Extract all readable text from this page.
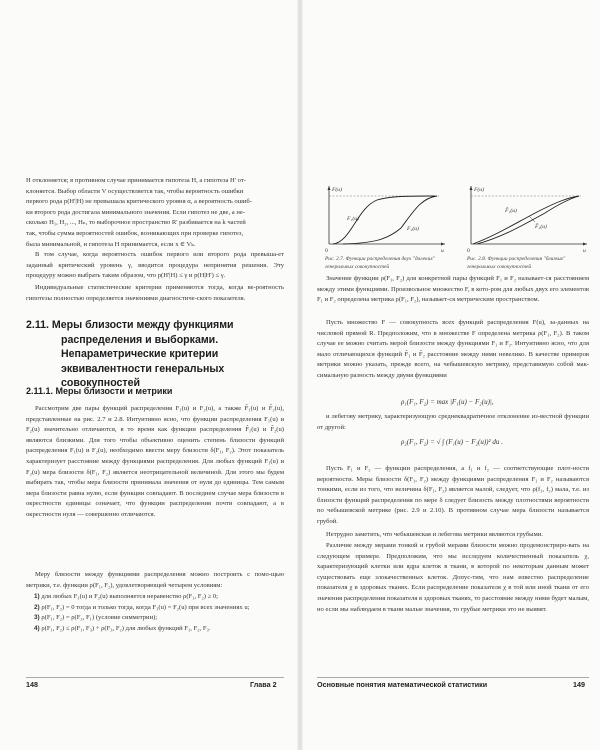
H отклоняется; в противном случае принимается гипотеза H, а гипотеза H' от-
клоняется. Выбор области V осуществляется так, чтобы вероятность ошибки
первого рода p(H'|H) не превышала критического уровня α, а вероятность ошиб-
ки второго рода достигала минимального значения. Если гипотез не две, а не-
сколько H₁, H₂, ..., Hₙ, то выборочное пространство R' разбивается на k частей
так, чтобы сумма вероятностей ошибок, возникающих при проверке гипотез,
была минимальной, и гипотеза H принимается, если x ∈ Vₖ.

В том случае, когда вероятность ошибок первого или второго рода превыша-ет заданный критический уровень γ, вводится процедура непринятия решения. Эту процедуру можно выбрать таким образом, что p(H'|H) ≤ γ и p(H|H') ≤ γ.

Индивидуальные статистические критерии применяются тогда, когда ве-роятность гипотезы полностью определяется значениями диагностиче-ского показателя.

2.11. Меры близости между функциями
распределения и выборками.
Непараметрические критерии
эквивалентности генеральных совокупностей

2.11.1. Меры близости и метрики

Рассмотрим две пары функций распределения F₁(u) и F₂(u), а также F̃₁(u) и F̃₂(u), представленные на рис. 2.7 и 2.8. Интуитивно ясно, что функции распределения F₁(u) и F₂(u) значительно отличаются, в то время как функции распределения F̃₁(u) и F̃₂(u) являются близкими. Для того чтобы объективно оценить степень близости функций распределения F₁(u) и F₂(u), необходимо ввести меру близости δ(F₁, F₂). Этот показатель характеризует расстояние между функциями распределения. Для любых функций F₁(u) и F₂(u) мера близости δ(F₁, F₂) является неотрицательной величиной. Для этого мы будем выбирать так, чтобы мера близости принимала значения от нуля до единицы. Тем самым мера близости равна нулю, если функции совпадают. В последнем случае мера близости в окрестности единицы означает, что функции распределения почти совпадают, а в окрестности нуля — совершенно отличаются.

Меру близости между функциями распределения можно построить с помо-щью метрики, т.е. функции ρ(F₁, F₂), удовлетворяющей четырем условиям:

1) для любых F₁(u) и F₂(u) выполняется неравенство ρ(F₁, F₂) ≥ 0;
2) ρ(F₁, F₂) = 0 тогда и только тогда, когда F₁(u) = F₂(u) при всех значениях u;
3) ρ(F₁, F₂) = ρ(F₂, F₁) (условие симметрии);
4) ρ(F₁, F₂) ≤ ρ(F₁, F₃) + ρ(F₃, F₂) для любых функций F₁, F₂, F₃.
148	Глава 2
F(u)
F₁(u)
F₂(u)
u
0

Рис. 2.7. Функции распределения двух "далеких" генеральных совокупностей

F(u)
F̃₁(u)
F̃₂(u)
u
0

Рис. 2.8. Функции распределения "близких" генеральных совокупностей

Значение функции ρ(F₁, F₂) для конкретной пары функций F₁ и F₂ называет-ся расстоянием между этими функциями. Произвольное множество F, в кото-ром для любых двух его элементов F₁ и F₂ определена метрика ρ(F₁, F₂), называет-ся метрическим пространством.

Пусть множество F — совокупность всех функций распределения F(u), за-данных на числовой прямой R. Предположим, что в множестве F определена метрика ρ(F₁, F₂). В таком случае ее можно считать мерой близости между функциями F₁ и F₂. Интуитивно ясно, что для мало отличающихся функций F̃₁ и F̃₂ расстояние между ними невелико. В качестве примеров метрики можно указать, прежде всего, на чебышевскую метрику, представимую собой мак-симальную разность между двумя функциями

ρ₁(F₁, F₂) = max |F₁(u) − F₂(u)|,

и лебегову метрику, характеризующую среднеквадратичное отклонение из-вестной функции от другой:

ρ₂(F₁, F₂) = √ ∫ (F₁(u) − F₂(u))² du .

Пусть F₁ и F₂ — функции распределения, а f₁ и f₂ — соответствующие плот-ности вероятности. Меры близости δ(F₁, F₂) между функциями распределения F₁ и F₂ называются тонкими, если из того, что величина δ(F₁, F₂) является малой, следует, что ρ(f₁, f₂) мала, т.е. из близости функций распределения по мере δ следует близость между плотностями вероятности по чебышевской метрике (рис. 2.9 и 2.10). В противном случае мера близости называется грубой.

Нетрудно заметить, что чебышевская и лебегова метрики являются грубыми.

Различие между мерами тонкой и грубой мерами близости можно продемонстриро-вать на следующем примере. Предположим, что мы исследуем количественный показатель χ, характеризующий клетки или ядра клеток в ткани, в которой по некоторым данным может существовать еще злокачественных клеток. Допус-тим, что нам известно распределение показателя χ в здоровых тканях. Если распределение показателя χ в той или иной ткани от его значения распределения показателя в здоровых тканях, то расстояние между ними будет малым, но если мы наблюдаем в ткани малые значения, то грубые метрики это не выявят.

Основные понятия математической статистики	149
